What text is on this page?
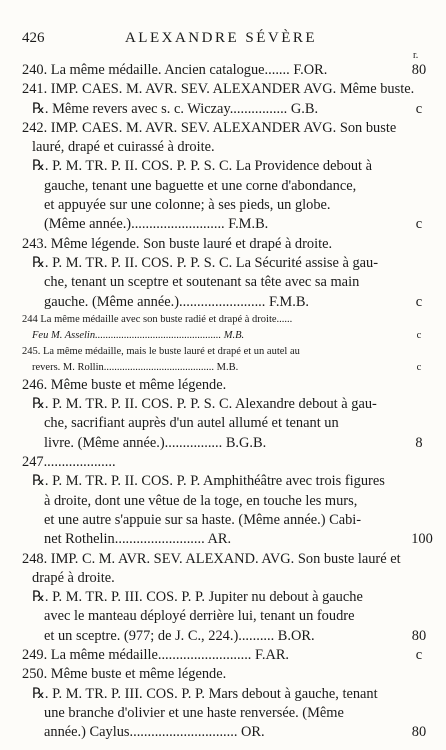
426	ALEXANDRE SÉVÈRE
r.
240. La même médaille. Ancien catalogue....... F.OR.	80
241. IMP. CAES. M. AVR. SEV. ALEXANDER AVG. Même buste.
℞. Même revers avec s. c. Wiczay................ G.B.	c
242. IMP. CAES. M. AVR. SEV. ALEXANDER AVG. Son buste
lauré, drapé et cuirassé à droite.
℞. P. M. TR. P. II. COS. P. P. S. C. La Providence debout à
gauche, tenant une baguette et une corne d'abondance,
et appuyée sur une colonne; à ses pieds, un globe.
(Même année.).......................... F.M.B.	c
243. Même légende. Son buste lauré et drapé à droite.
℞. P. M. TR. P. II. COS. P. P. S. C. La Sécurité assise à gau-
che, tenant un sceptre et soutenant sa tête avec sa main
gauche. (Même année.)........................ F.M.B.	c
244 La même médaille avec son buste radié et drapé à droite......
Feu M. Asselin................................................ M.B.	c
245. La même médaille, mais le buste lauré et drapé et un autel au
revers. M. Rollin.......................................... M.B.	c
246. Même buste et même légende.
℞. P. M. TR. P. II. COS. P. P. S. C. Alexandre debout à gau-
che, sacrifiant auprès d'un autel allumé et tenant un
livre. (Même année.)................ B.G.B.	8
247....................
℞. P. M. TR. P. II. COS. P. P. Amphithéâtre avec trois figures
à droite, dont une vêtue de la toge, en touche les murs,
et une autre s'appuie sur sa haste. (Même année.) Cabi-
net Rothelin......................... AR.	100
248. IMP. C. M. AVR. SEV. ALEXAND. AVG. Son buste lauré et
drapé à droite.
℞. P. M. TR. P. III. COS. P. P. Jupiter nu debout à gauche
avec le manteau déployé derrière lui, tenant un foudre
et un sceptre. (977; de J. C., 224.).......... B.OR.	80
249. La même médaille.......................... F.AR.	c
250. Même buste et même légende.
℞. P. M. TR. P. III. COS. P. P. Mars debout à gauche, tenant
une branche d'olivier et une haste renversée. (Même
année.) Caylus.............................. OR.	80
